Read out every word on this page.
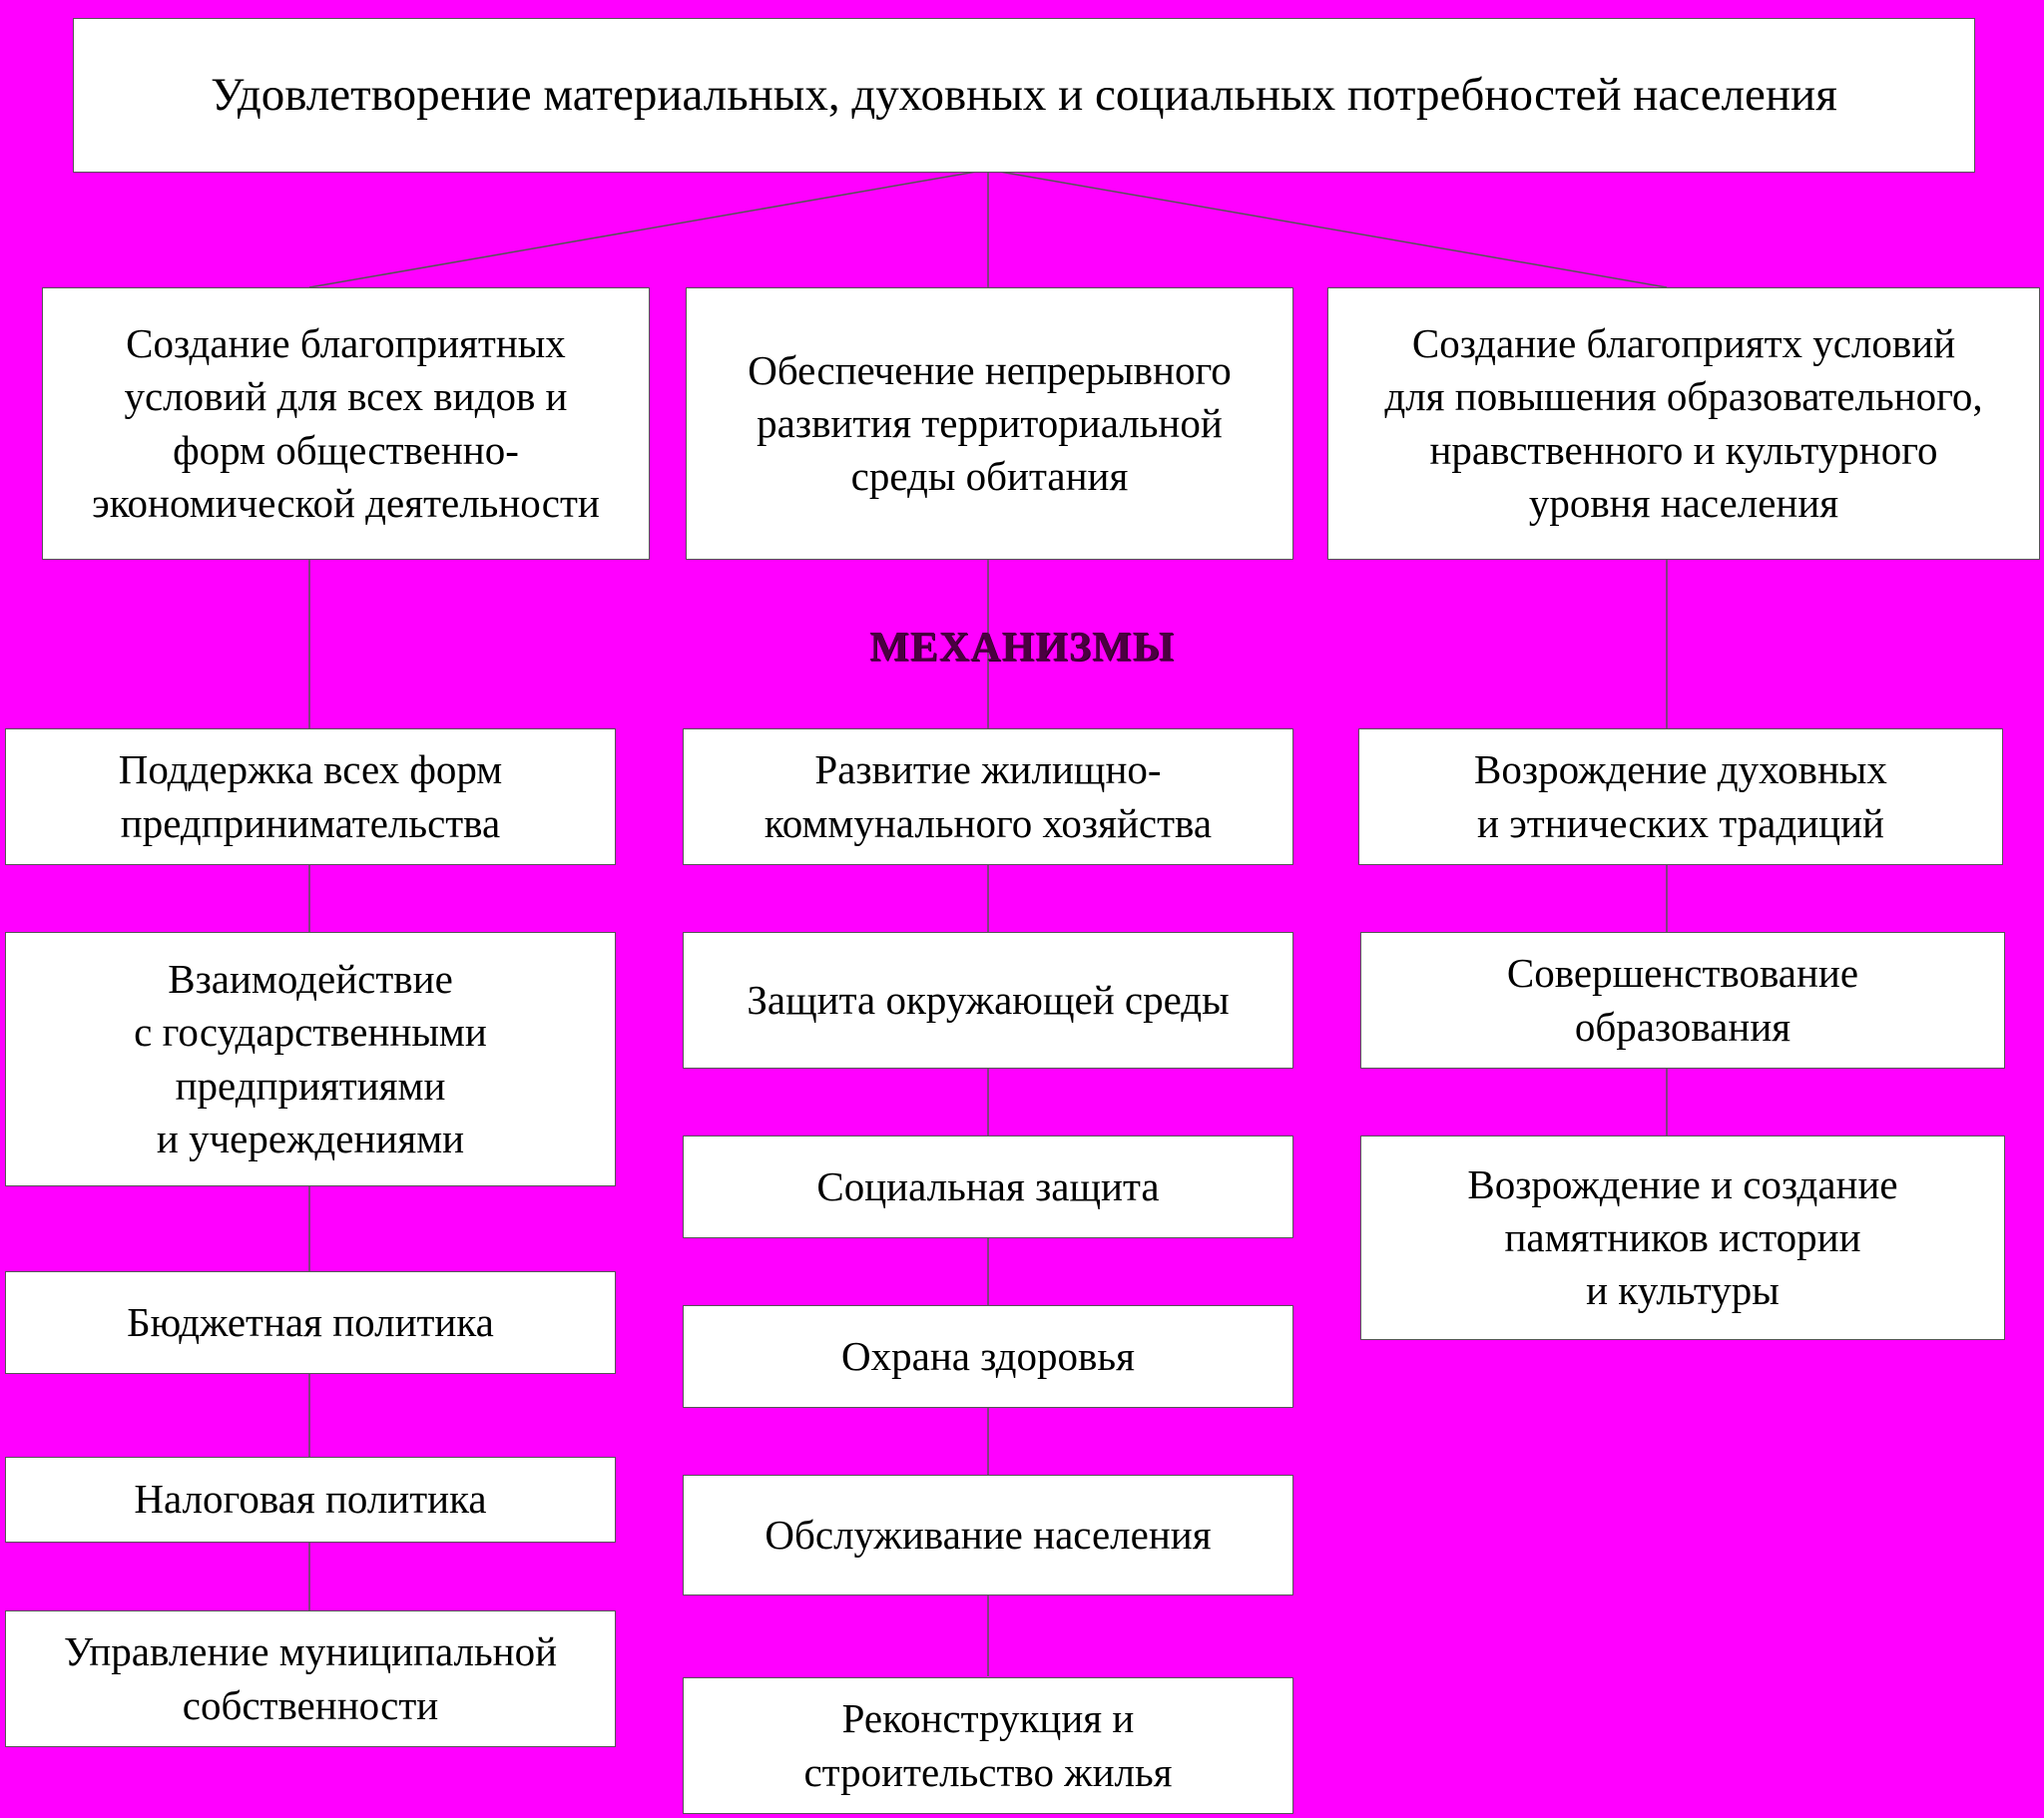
Удовлетворение материальных, духовных и социальных потребностей населения
Создание благоприятных
условий для всех видов и
форм общественно-
экономической деятельности
Обеспечение непрерывного
развития территориальной
среды обитания
Создание благоприятх условий
для повышения образовательного,
нравственного и культурного
уровня населения
МЕХАНИЗМЫ
Поддержка всех форм
предпринимательства
Взаимодействие
с государственными
предприятиями
и учереждениями
Бюджетная политика
Налоговая политика
Управление муниципальной
собственности
Развитие жилищно-
коммунального хозяйства
Защита окружающей среды
Социальная защита
Охрана здоровья
Обслуживание населения
Реконструкция и
строительство жилья
Возрождение духовных
и этнических традиций
Совершенствование
образования
Возрождение и создание
памятников истории
и культуры
